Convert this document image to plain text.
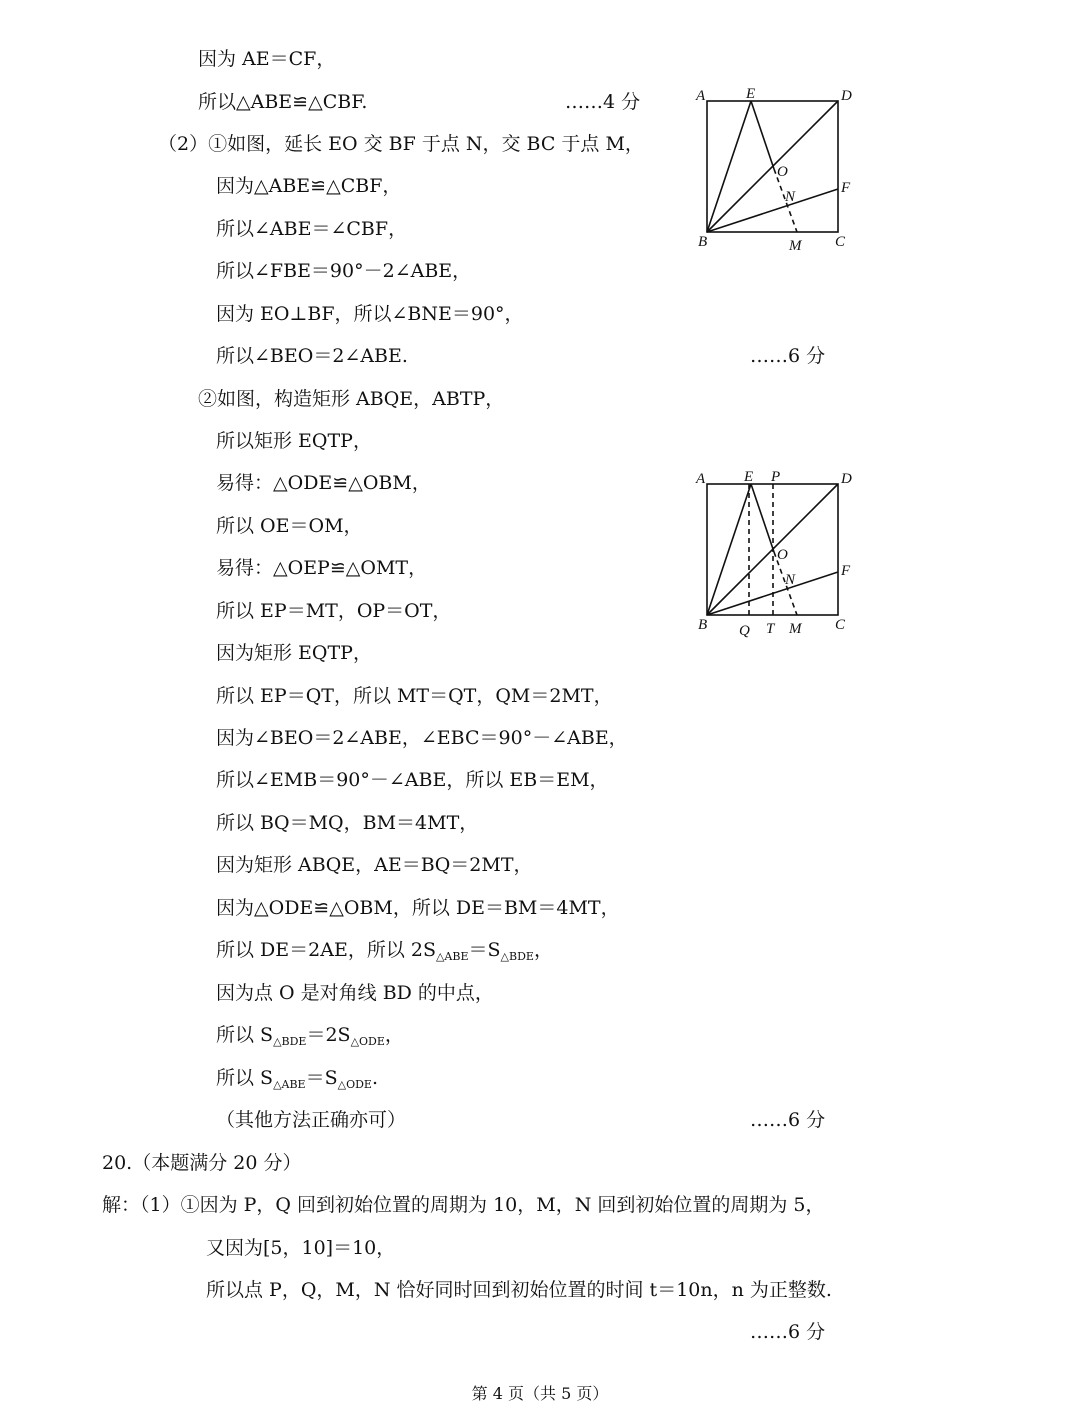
因为 AE＝CF，
所以△ABE≌△CBF.	……4 分
（2）①如图，延长 EO 交 BF 于点 N，交 BC 于点 M，
因为△ABE≌△CBF，
所以∠ABE＝∠CBF，
所以∠FBE＝90°－2∠ABE，
因为 EO⊥BF，所以∠BNE＝90°，
所以∠BEO＝2∠ABE.	……6 分
②如图，构造矩形 ABQE，ABTP，
所以矩形 EQTP，
易得：△ODE≌△OBM，
所以 OE＝OM，
易得：△OEP≌△OMT，
所以 EP＝MT，OP＝OT，
因为矩形 EQTP，
所以 EP＝QT，所以 MT＝QT，QM＝2MT，
因为∠BEO＝2∠ABE，∠EBC＝90°－∠ABE，
所以∠EMB＝90°－∠ABE，所以 EB＝EM，
所以 BQ＝MQ，BM＝4MT，
因为矩形 ABQE，AE＝BQ＝2MT，
因为△ODE≌△OBM，所以 DE＝BM＝4MT，
所以 DE＝2AE，所以 $2S_{\triangle ABE}=S_{\triangle BDE}$，
因为点 O 是对角线 BD 的中点，
所以 $S_{\triangle BDE}=2S_{\triangle ODE}$，
所以 $S_{\triangle ABE}=S_{\triangle ODE}$.
（其他方法正确亦可）	……6 分
20.（本题满分 20 分）
解：（1）①因为 P，Q 回到初始位置的周期为 10，M，N 回到初始位置的周期为 5，
又因为[5，10]＝10，
所以点 P，Q，M，N 恰好同时回到初始位置的时间 t＝10n，n 为正整数.
……6 分
第 4 页（共 5 页）
A	E	D
O
F
N
B	M C
A	E P	D
O
F
N
B Q T M C
